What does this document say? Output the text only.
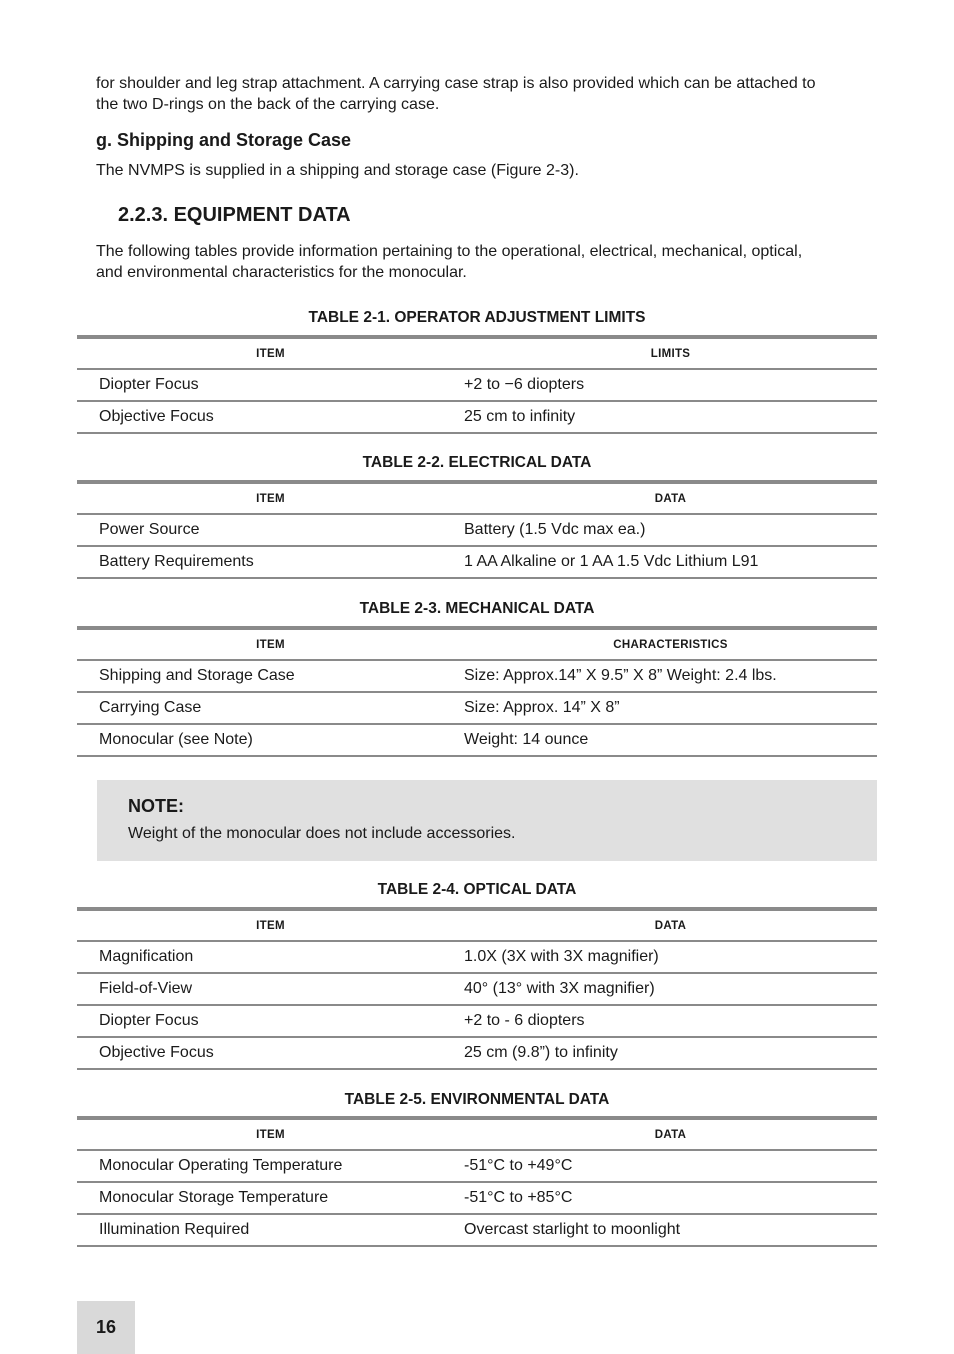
for shoulder and leg strap attachment. A carrying case strap is also provided which can be attached to
the two D-rings on the back of the carrying case.

g. Shipping and Storage Case

The NVMPS is supplied in a shipping and storage case (Figure 2-3).

2.2.3. EQUIPMENT DATA

The following tables provide information pertaining to the operational, electrical, mechanical, optical,
and environmental characteristics for the monocular.

TABLE 2-1. OPERATOR ADJUSTMENT LIMITS

ITEM	LIMITS
Diopter Focus	+2 to −6 diopters
Objective Focus	25 cm to infinity

TABLE 2-2. ELECTRICAL DATA

ITEM	DATA
Power Source	Battery (1.5 Vdc max ea.)
Battery Requirements	1 AA Alkaline or 1 AA 1.5 Vdc Lithium L91

TABLE 2-3. MECHANICAL DATA

ITEM	CHARACTERISTICS
Shipping and Storage Case	Size: Approx.14” X 9.5” X 8” Weight: 2.4 lbs.
Carrying Case	Size: Approx. 14” X 8”
Monocular (see Note)	Weight: 14 ounce

NOTE:

Weight of the monocular does not include accessories.

TABLE 2-4. OPTICAL DATA

ITEM	DATA
Magnification	1.0X (3X with 3X magnifier)
Field-of-View	40° (13° with 3X magnifier)
Diopter Focus	+2 to - 6 diopters
Objective Focus	25 cm (9.8”) to infinity

TABLE 2-5. ENVIRONMENTAL DATA

ITEM	DATA
Monocular Operating Temperature	-51°C to +49°C
Monocular Storage Temperature	-51°C to +85°C
Illumination Required	Overcast starlight to moonlight
16
